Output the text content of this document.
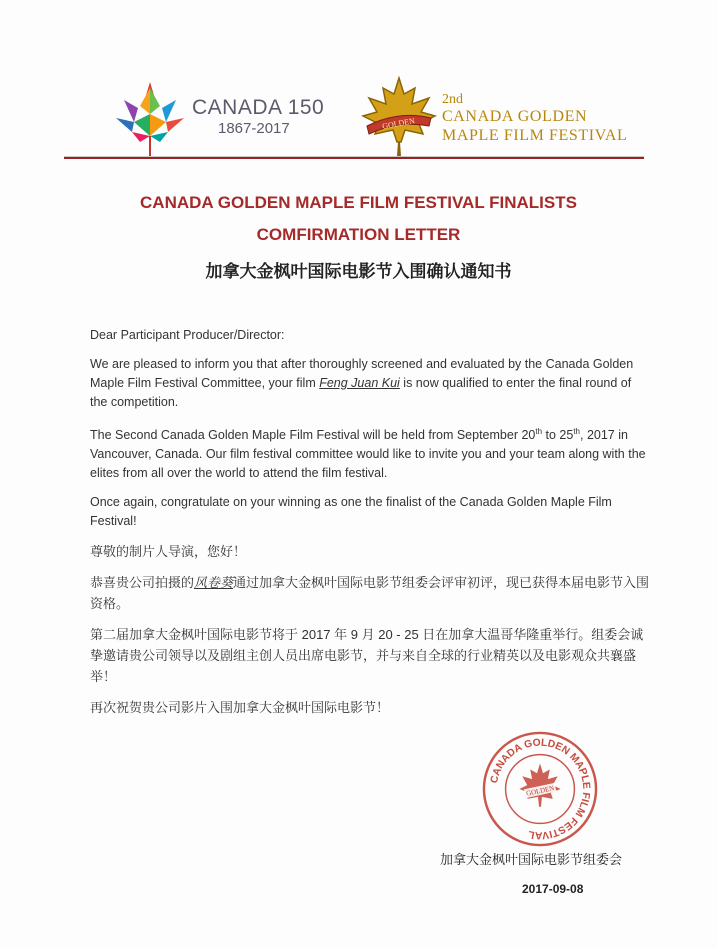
CANADA 150
1867-2017	GOLDEN
2nd
CANADA GOLDEN
MAPLE FILM FESTIVAL
CANADA GOLDEN MAPLE FILM FESTIVAL FINALISTS
COMFIRMATION LETTER
加拿大金枫叶国际电影节入围确认通知书

Dear Participant Producer/Director:

We are pleased to inform you that after thoroughly screened and evaluated by the Canada Golden Maple Film Festival Committee, your film Feng Juan Kui is now qualified to enter the final round of the competition.

The Second Canada Golden Maple Film Festival will be held from September 20th to 25th, 2017 in Vancouver, Canada. Our film festival committee would like to invite you and your team along with the elites from all over the world to attend the film festival.

Once again, congratulate on your winning as one the finalist of the Canada Golden Maple Film Festival!

尊敬的制片人导演，您好！

恭喜贵公司拍摄的风卷葵通过加拿大金枫叶国际电影节组委会评审初评，现已获得本届电影节入围资格。

第二届加拿大金枫叶国际电影节将于 2017 年 9 月 20 - 25 日在加拿大温哥华隆重举行。组委会诚挚邀请贵公司领导以及剧组主创人员出席电影节，并与来自全球的行业精英以及电影观众共襄盛举！

再次祝贺贵公司影片入围加拿大金枫叶国际电影节！

CANADA GOLDEN MAPLE FILM FESTIVAL
GOLDEN
加拿大金枫叶国际电影节组委会
2017-09-08
